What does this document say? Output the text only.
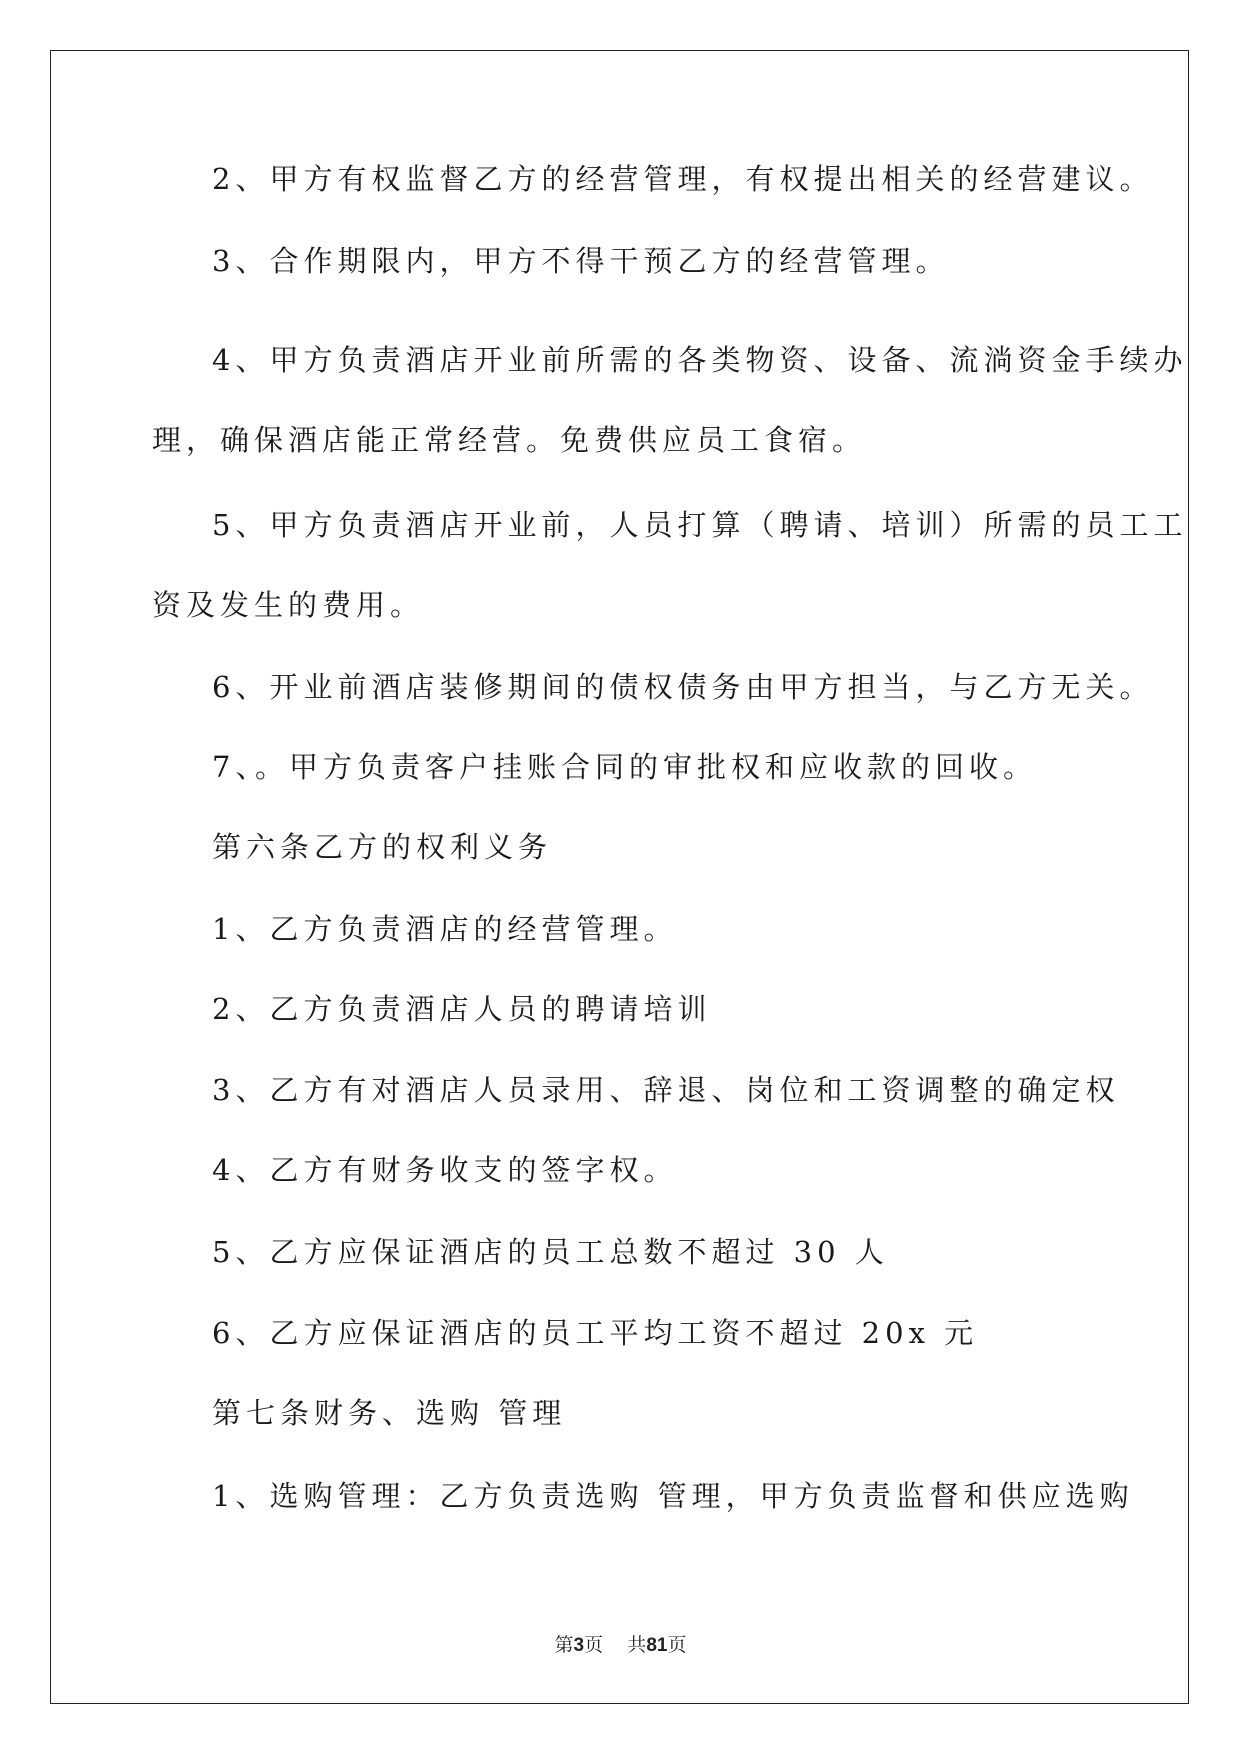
2、甲方有权监督乙方的经营管理，有权提出相关的经营建议。
3、合作期限内，甲方不得干预乙方的经营管理。
4、甲方负责酒店开业前所需的各类物资、设备、流淌资金手续办
理，确保酒店能正常经营。免费供应员工食宿。
5、甲方负责酒店开业前，人员打算（聘请、培训）所需的员工工
资及发生的费用。
6、开业前酒店装修期间的债权债务由甲方担当，与乙方无关。
7、。甲方负责客户挂账合同的审批权和应收款的回收。
第六条乙方的权利义务
1、乙方负责酒店的经营管理。
2、乙方负责酒店人员的聘请培训
3、乙方有对酒店人员录用、辞退、岗位和工资调整的确定权
4、乙方有财务收支的签字权。
5、乙方应保证酒店的员工总数不超过 30 人
6、乙方应保证酒店的员工平均工资不超过 20x 元
第七条财务、选购 管理
1、选购管理：乙方负责选购 管理，甲方负责监督和供应选购
第3页 共81页
